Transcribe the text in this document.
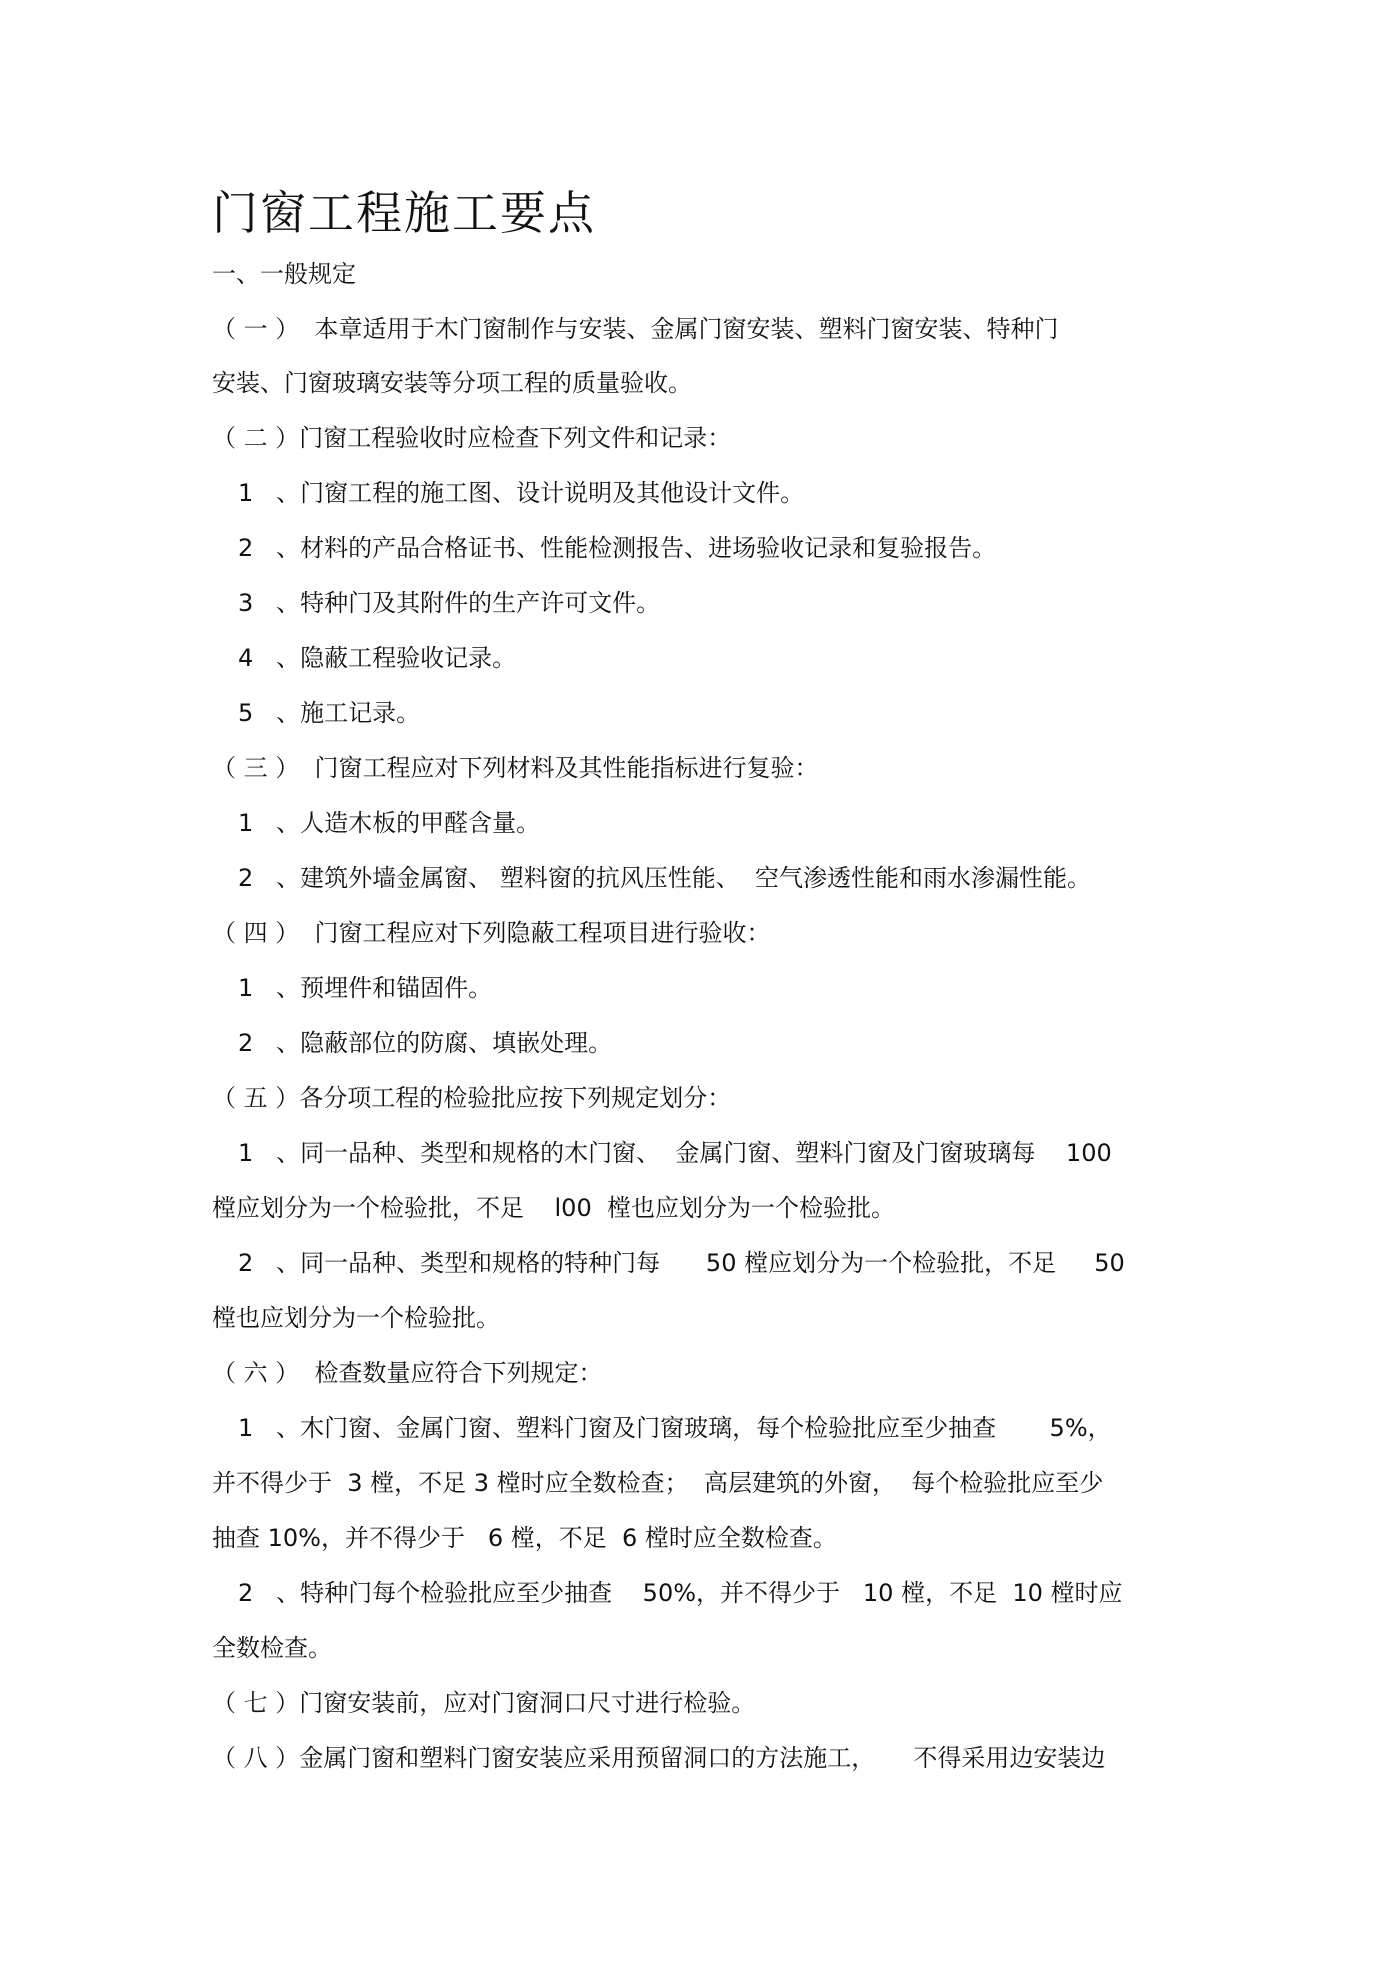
门窗工程施工要点

一、一般规定

（ 一 ）  本章适用于木门窗制作与安装、金属门窗安装、塑料门窗安装、特种门

安装、门窗玻璃安装等分项工程的质量验收。

（ 二 ）门窗工程验收时应检查下列文件和记录：

1   、门窗工程的施工图、设计说明及其他设计文件。

2   、材料的产品合格证书、性能检测报告、进场验收记录和复验报告。

3   、特种门及其附件的生产许可文件。

4   、隐蔽工程验收记录。

5   、施工记录。

（ 三 ）  门窗工程应对下列材料及其性能指标进行复验：

1   、人造木板的甲醛含量。

2   、建筑外墙金属窗、 塑料窗的抗风压性能、  空气渗透性能和雨水渗漏性能。

（ 四 ）  门窗工程应对下列隐蔽工程项目进行验收：

1   、预埋件和锚固件。

2   、隐蔽部位的防腐、填嵌处理。

（ 五 ）各分项工程的检验批应按下列规定划分：

1   、同一品种、类型和规格的木门窗、  金属门窗、塑料门窗及门窗玻璃每    100

樘应划分为一个检验批，不足    l00  樘也应划分为一个检验批。

2   、同一品种、类型和规格的特种门每      50 樘应划分为一个检验批，不足     50

樘也应划分为一个检验批。

（ 六 ）  检查数量应符合下列规定：

1   、木门窗、金属门窗、塑料门窗及门窗玻璃，每个检验批应至少抽查       5%，

并不得少于  3 樘，不足 3 樘时应全数检查；  高层建筑的外窗，  每个检验批应至少

抽查 10%，并不得少于   6 樘，不足  6 樘时应全数检查。

2   、特种门每个检验批应至少抽查    50%，并不得少于   10 樘，不足  10 樘时应

全数检查。

（ 七 ）门窗安装前，应对门窗洞口尺寸进行检验。

（ 八 ）金属门窗和塑料门窗安装应采用预留洞口的方法施工，     不得采用边安装边
